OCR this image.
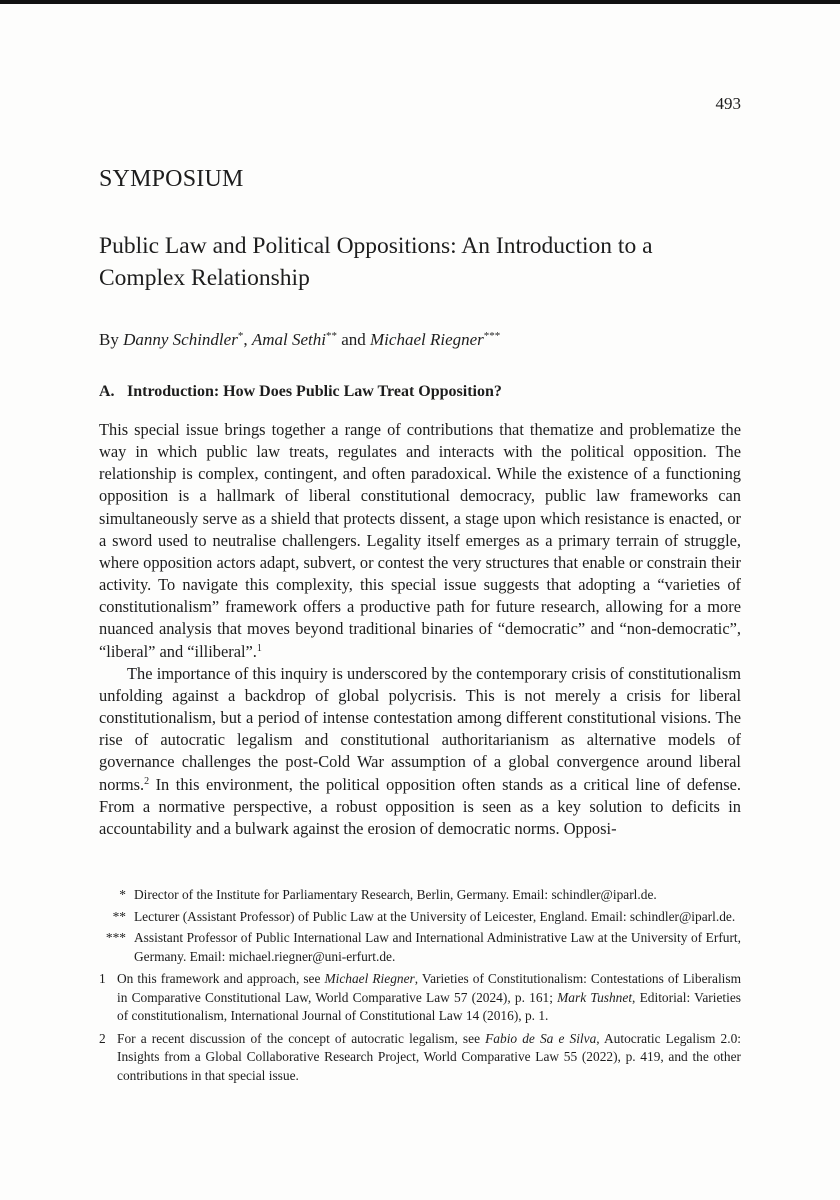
493
SYMPOSIUM
Public Law and Political Oppositions: An Introduction to a Complex Relationship
By Danny Schindler*, Amal Sethi** and Michael Riegner***
A. Introduction: How Does Public Law Treat Opposition?

This special issue brings together a range of contributions that thematize and problematize the way in which public law treats, regulates and interacts with the political opposition. The relationship is complex, contingent, and often paradoxical. While the existence of a functioning opposition is a hallmark of liberal constitutional democracy, public law frameworks can simultaneously serve as a shield that protects dissent, a stage upon which resistance is enacted, or a sword used to neutralise challengers. Legality itself emerges as a primary terrain of struggle, where opposition actors adapt, subvert, or contest the very structures that enable or constrain their activity. To navigate this complexity, this special issue suggests that adopting a “varieties of constitutionalism” framework offers a productive path for future research, allowing for a more nuanced analysis that moves beyond traditional binaries of “democratic” and “non-democratic”, “liberal” and “illiberal”.$^1$

The importance of this inquiry is underscored by the contemporary crisis of constitutionalism unfolding against a backdrop of global polycrisis. This is not merely a crisis for liberal constitutionalism, but a period of intense contestation among different constitutional visions. The rise of autocratic legalism and constitutional authoritarianism as alternative models of governance challenges the post-Cold War assumption of a global convergence around liberal norms.$^2$ In this environment, the political opposition often stands as a critical line of defense. From a normative perspective, a robust opposition is seen as a key solution to deficits in accountability and a bulwark against the erosion of democratic norms. Opposi-

* Director of the Institute for Parliamentary Research, Berlin, Germany. Email: schindler@iparl.de.
** Lecturer (Assistant Professor) of Public Law at the University of Leicester, England. Email: schindler@iparl.de.
*** Assistant Professor of Public International Law and International Administrative Law at the University of Erfurt, Germany. Email: michael.riegner@uni-erfurt.de.
1 On this framework and approach, see Michael Riegner, Varieties of Constitutionalism: Contestations of Liberalism in Comparative Constitutional Law, World Comparative Law 57 (2024), p. 161; Mark Tushnet, Editorial: Varieties of constitutionalism, International Journal of Constitutional Law 14 (2016), p. 1.
2 For a recent discussion of the concept of autocratic legalism, see Fabio de Sa e Silva, Autocratic Legalism 2.0: Insights from a Global Collaborative Research Project, World Comparative Law 55 (2022), p. 419, and the other contributions in that special issue.
